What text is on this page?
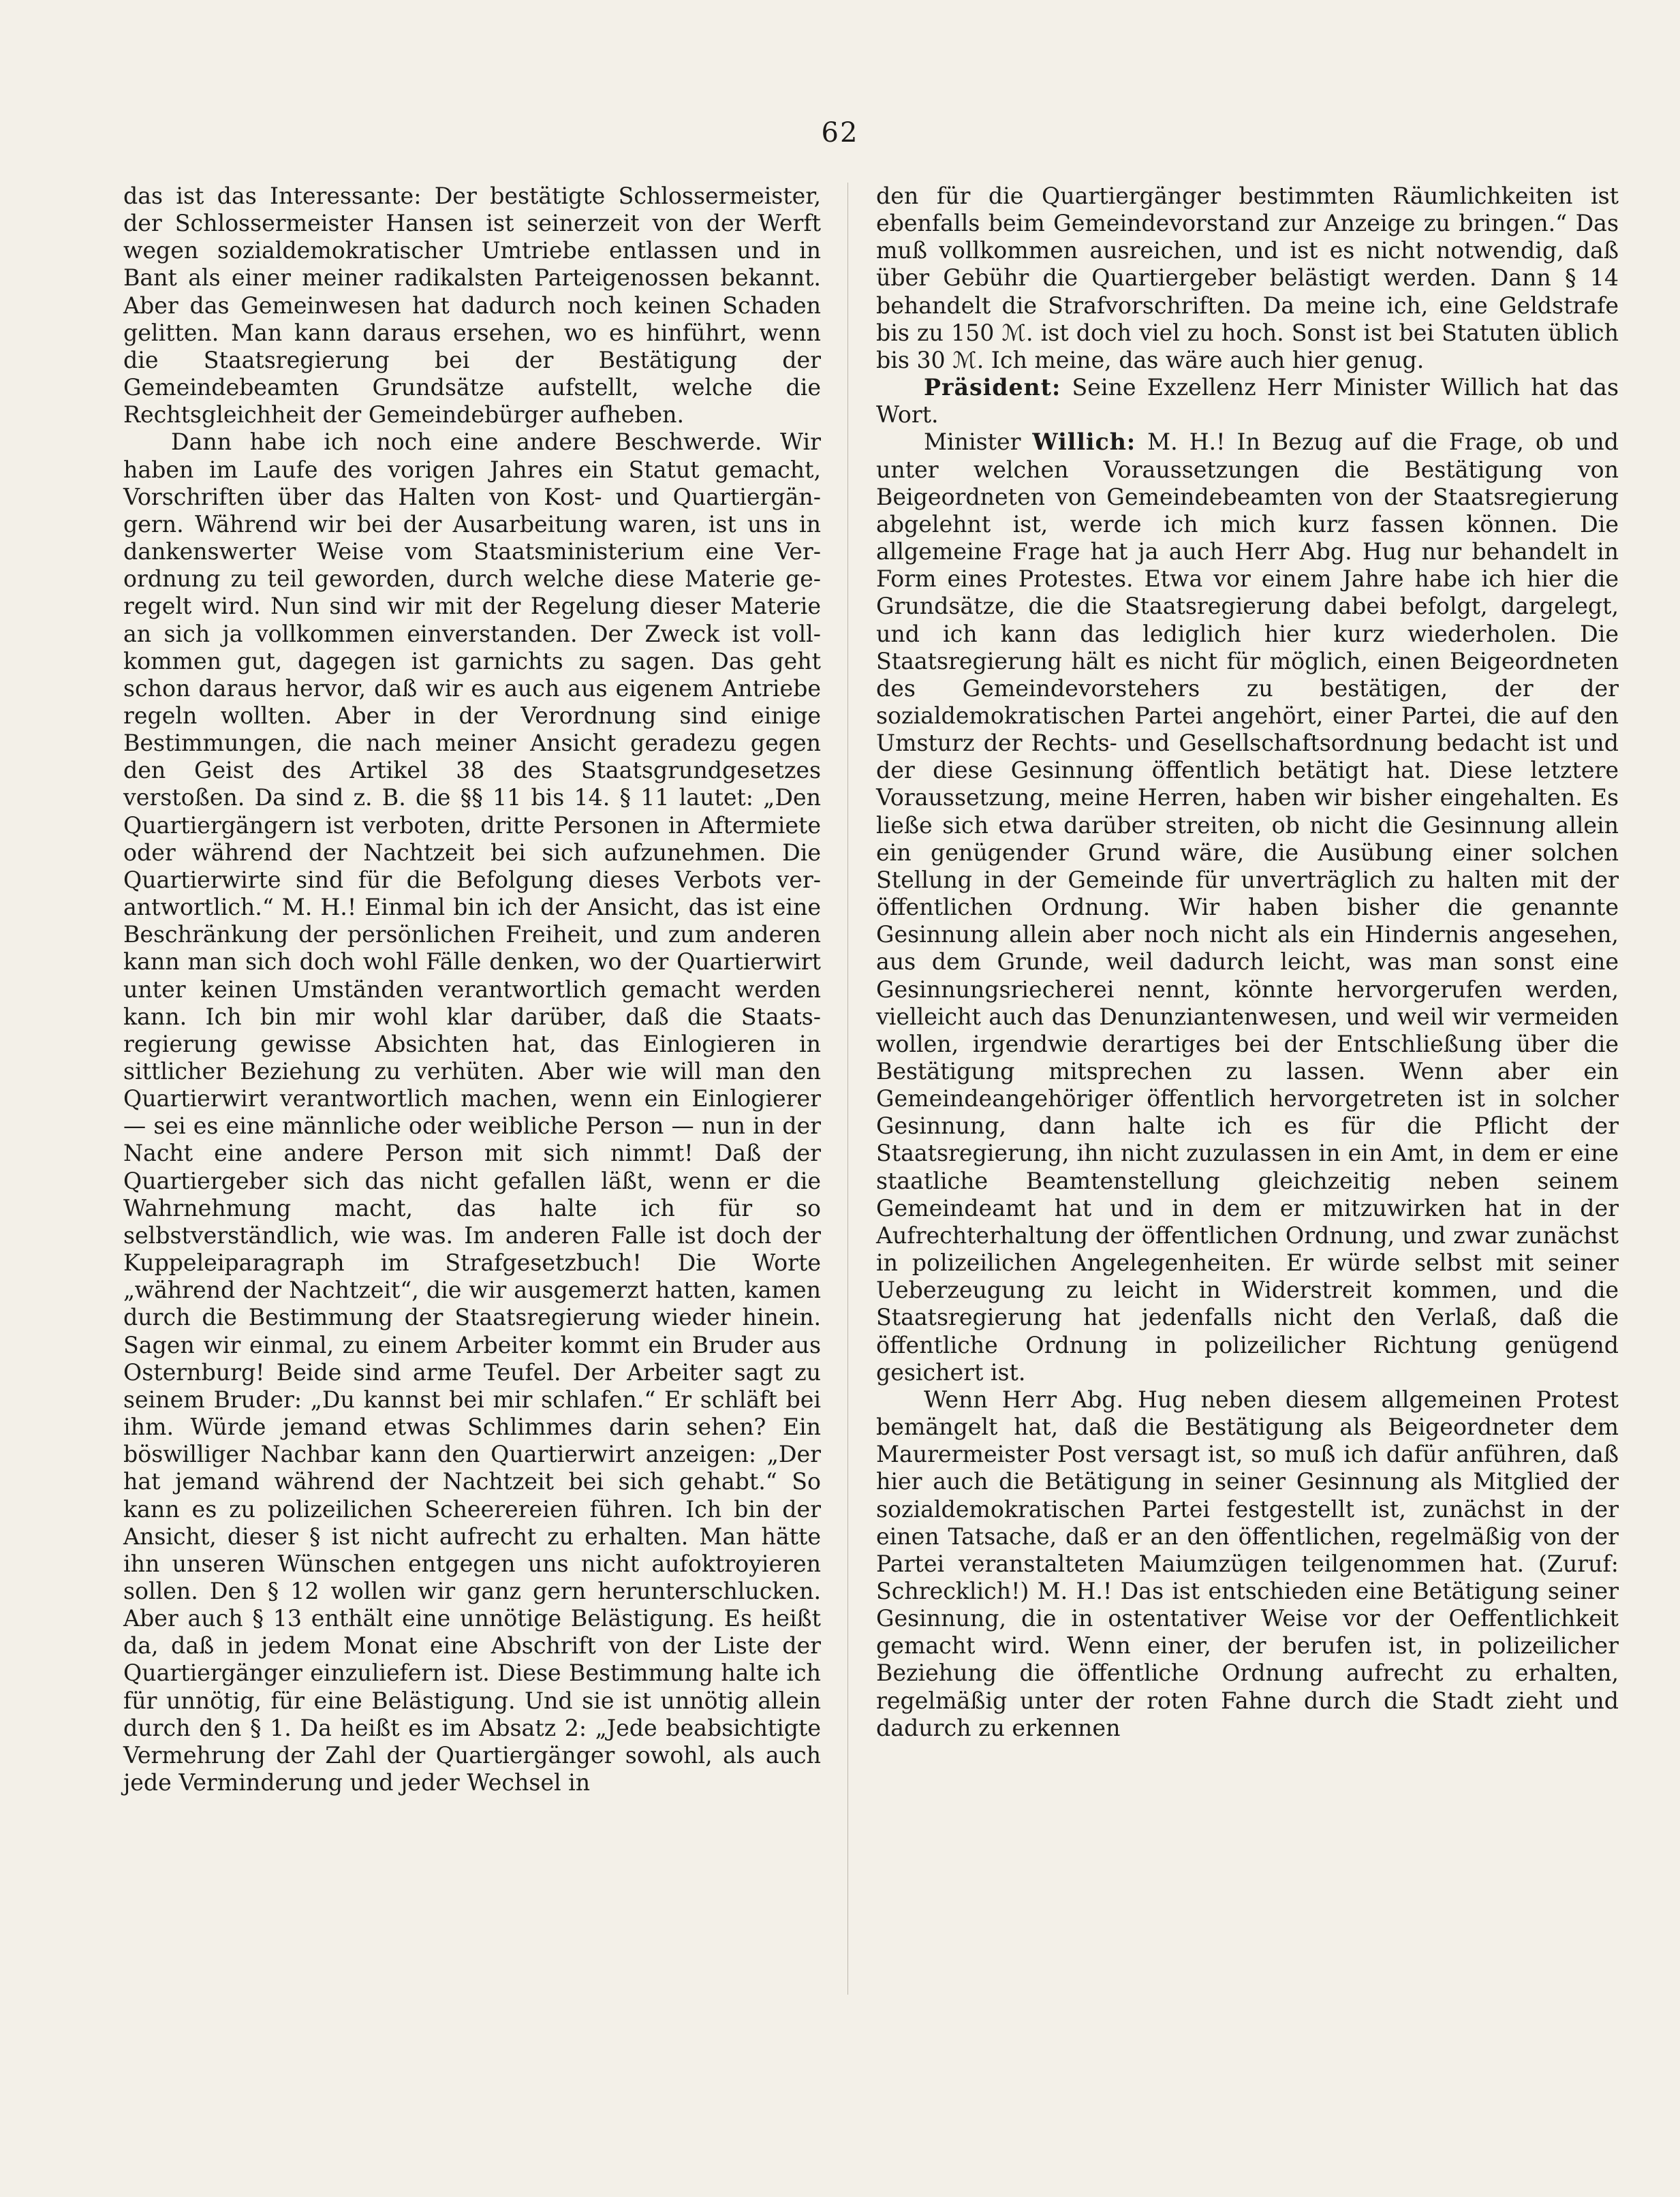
62

das ist das Interessante: Der bestätigte Schlossermeister, der Schlossermeister Hansen ist seinerzeit von der Werft wegen sozialdemokratischer Umtriebe entlassen und in Bant als einer meiner radikalsten Parteigenossen bekannt. Aber das Gemeinwesen hat dadurch noch keinen Schaden gelitten. Man kann daraus ersehen, wo es hinführt, wenn die Staatsregierung bei der Bestätigung der Gemeindebeamten Grundsätze aufstellt, welche die Rechtsgleichheit der Gemeindebürger aufheben.

Dann habe ich noch eine andere Beschwerde. Wir haben im Laufe des vorigen Jahres ein Statut gemacht, Vorschriften über das Halten von Kost- und Quartiergängern. Während wir bei der Ausarbeitung waren, ist uns in dankenswerter Weise vom Staatsministerium eine Verordnung zu teil geworden, durch welche diese Materie geregelt wird. Nun sind wir mit der Regelung dieser Materie an sich ja vollkommen einverstanden. Der Zweck ist vollkommen gut, dagegen ist garnichts zu sagen. Das geht schon daraus hervor, daß wir es auch aus eigenem Antriebe regeln wollten. Aber in der Verordnung sind einige Bestimmungen, die nach meiner Ansicht geradezu gegen den Geist des Artikel 38 des Staatsgrundgesetzes verstoßen. Da sind z. B. die §§ 11 bis 14. § 11 lautet: „Den Quartiergängern ist verboten, dritte Personen in Aftermiete oder während der Nachtzeit bei sich aufzunehmen. Die Quartierwirte sind für die Befolgung dieses Verbots verantwortlich.“ M. H.! Einmal bin ich der Ansicht, das ist eine Beschränkung der persönlichen Freiheit, und zum anderen kann man sich doch wohl Fälle denken, wo der Quartierwirt unter keinen Umständen verantwortlich gemacht werden kann. Ich bin mir wohl klar darüber, daß die Staatsregierung gewisse Absichten hat, das Einlogieren in sittlicher Beziehung zu verhüten. Aber wie will man den Quartierwirt verantwortlich machen, wenn ein Einlogierer — sei es eine männliche oder weibliche Person — nun in der Nacht eine andere Person mit sich nimmt! Daß der Quartiergeber sich das nicht gefallen läßt, wenn er die Wahrnehmung macht, das halte ich für so selbstverständlich, wie was. Im anderen Falle ist doch der Kuppeleiparagraph im Strafgesetzbuch! Die Worte „während der Nachtzeit“, die wir ausgemerzt hatten, kamen durch die Bestimmung der Staatsregierung wieder hinein. Sagen wir einmal, zu einem Arbeiter kommt ein Bruder aus Osternburg! Beide sind arme Teufel. Der Arbeiter sagt zu seinem Bruder: „Du kannst bei mir schlafen.“ Er schläft bei ihm. Würde jemand etwas Schlimmes darin sehen? Ein böswilliger Nachbar kann den Quartierwirt anzeigen: „Der hat jemand während der Nachtzeit bei sich gehabt.“ So kann es zu polizeilichen Scheerereien führen. Ich bin der Ansicht, dieser § ist nicht aufrecht zu erhalten. Man hätte ihn unseren Wünschen entgegen uns nicht aufoktroyieren sollen. Den § 12 wollen wir ganz gern herunterschlucken. Aber auch § 13 enthält eine unnötige Belästigung. Es heißt da, daß in jedem Monat eine Abschrift von der Liste der Quartiergänger einzuliefern ist. Diese Bestimmung halte ich für unnötig, für eine Belästigung. Und sie ist unnötig allein durch den § 1. Da heißt es im Absatz 2: „Jede beabsichtigte Vermehrung der Zahl der Quartiergänger sowohl, als auch jede Verminderung und jeder Wechsel in

den für die Quartiergänger bestimmten Räumlichkeiten ist ebenfalls beim Gemeindevorstand zur Anzeige zu bringen.“ Das muß vollkommen ausreichen, und ist es nicht notwendig, daß über Gebühr die Quartiergeber belästigt werden. Dann § 14 behandelt die Strafvorschriften. Da meine ich, eine Geldstrafe bis zu 150 ℳ. ist doch viel zu hoch. Sonst ist bei Statuten üblich bis 30 ℳ. Ich meine, das wäre auch hier genug.

Präsident: Seine Exzellenz Herr Minister Willich hat das Wort.

Minister Willich: M. H.! In Bezug auf die Frage, ob und unter welchen Voraussetzungen die Bestätigung von Beigeordneten von Gemeindebeamten von der Staatsregierung abgelehnt ist, werde ich mich kurz fassen können. Die allgemeine Frage hat ja auch Herr Abg. Hug nur behandelt in Form eines Protestes. Etwa vor einem Jahre habe ich hier die Grundsätze, die die Staatsregierung dabei befolgt, dargelegt, und ich kann das lediglich hier kurz wiederholen. Die Staatsregierung hält es nicht für möglich, einen Beigeordneten des Gemeindevorstehers zu bestätigen, der der sozialdemokratischen Partei angehört, einer Partei, die auf den Umsturz der Rechts- und Gesellschaftsordnung bedacht ist und der diese Gesinnung öffentlich betätigt hat. Diese letztere Voraussetzung, meine Herren, haben wir bisher eingehalten. Es ließe sich etwa darüber streiten, ob nicht die Gesinnung allein ein genügender Grund wäre, die Ausübung einer solchen Stellung in der Gemeinde für unverträglich zu halten mit der öffentlichen Ordnung. Wir haben bisher die genannte Gesinnung allein aber noch nicht als ein Hindernis angesehen, aus dem Grunde, weil dadurch leicht, was man sonst eine Gesinnungsriecherei nennt, könnte hervorgerufen werden, vielleicht auch das Denunziantenwesen, und weil wir vermeiden wollen, irgendwie derartiges bei der Entschließung über die Bestätigung mitsprechen zu lassen. Wenn aber ein Gemeindeangehöriger öffentlich hervorgetreten ist in solcher Gesinnung, dann halte ich es für die Pflicht der Staatsregierung, ihn nicht zuzulassen in ein Amt, in dem er eine staatliche Beamtenstellung gleichzeitig neben seinem Gemeindeamt hat und in dem er mitzuwirken hat in der Aufrechterhaltung der öffentlichen Ordnung, und zwar zunächst in polizeilichen Angelegenheiten. Er würde selbst mit seiner Ueberzeugung zu leicht in Widerstreit kommen, und die Staatsregierung hat jedenfalls nicht den Verlaß, daß die öffentliche Ordnung in polizeilicher Richtung genügend gesichert ist.

Wenn Herr Abg. Hug neben diesem allgemeinen Protest bemängelt hat, daß die Bestätigung als Beigeordneter dem Maurermeister Post versagt ist, so muß ich dafür anführen, daß hier auch die Betätigung in seiner Gesinnung als Mitglied der sozialdemokratischen Partei festgestellt ist, zunächst in der einen Tatsache, daß er an den öffentlichen, regelmäßig von der Partei veranstalteten Maiumzügen teilgenommen hat. (Zuruf: Schrecklich!) M. H.! Das ist entschieden eine Betätigung seiner Gesinnung, die in ostentativer Weise vor der Oeffentlichkeit gemacht wird. Wenn einer, der berufen ist, in polizeilicher Beziehung die öffentliche Ordnung aufrecht zu erhalten, regelmäßig unter der roten Fahne durch die Stadt zieht und dadurch zu erkennen
